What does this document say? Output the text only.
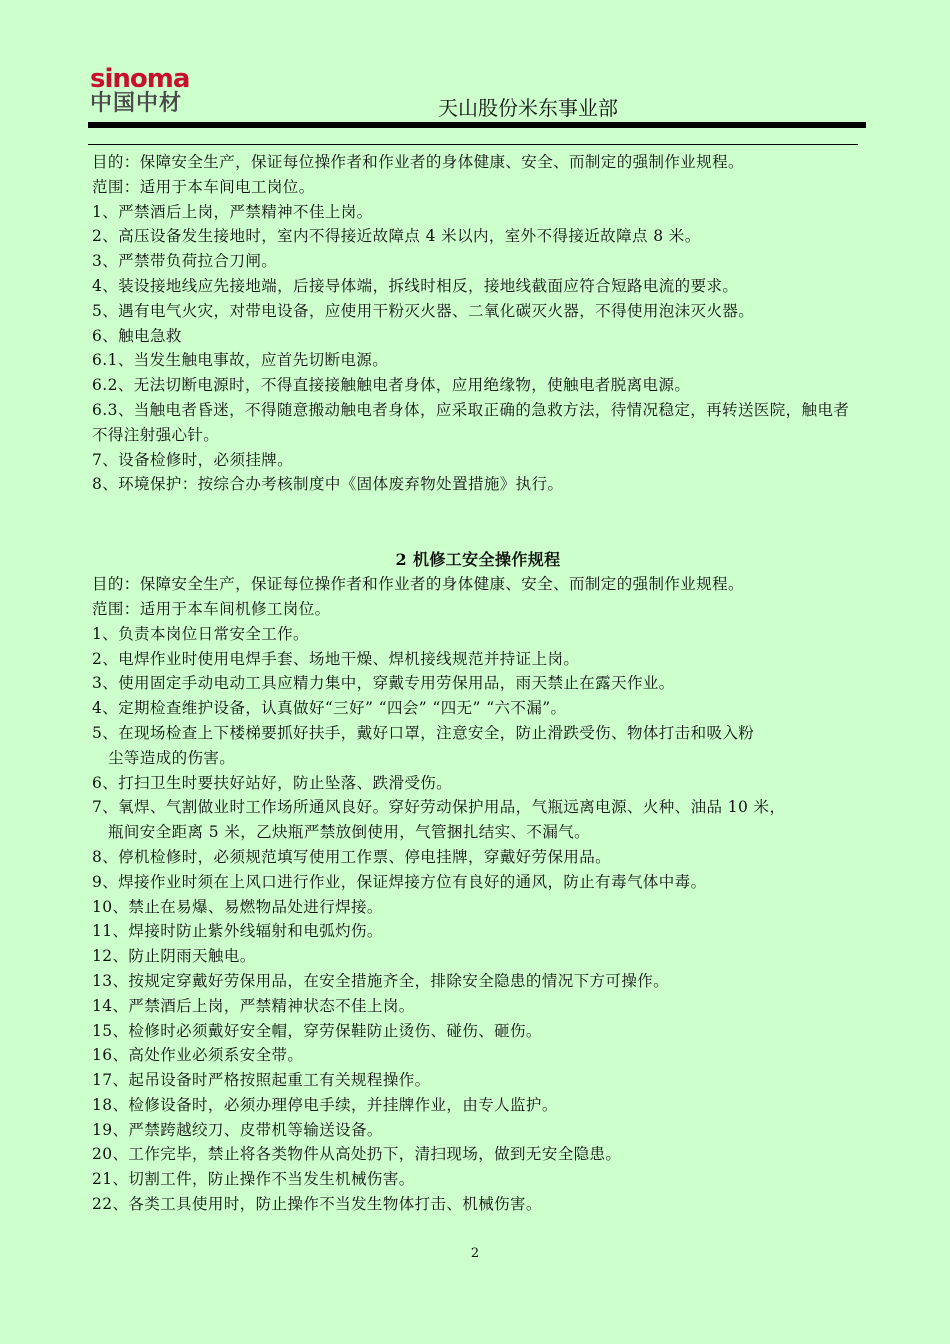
sinoma
中国中材	天山股份米东事业部

目的：保障安全生产，保证每位操作者和作业者的身体健康、安全、而制定的强制作业规程。

范围：适用于本车间电工岗位。

1、严禁酒后上岗，严禁精神不佳上岗。

2、高压设备发生接地时，室内不得接近故障点 4 米以内，室外不得接近故障点 8 米。

3、严禁带负荷拉合刀闸。

4、装设接地线应先接地端，后接导体端，拆线时相反，接地线截面应符合短路电流的要求。

5、遇有电气火灾，对带电设备，应使用干粉灭火器、二氧化碳灭火器，不得使用泡沫灭火器。

6、触电急救

6.1、当发生触电事故，应首先切断电源。

6.2、无法切断电源时，不得直接接触触电者身体，应用绝缘物，使触电者脱离电源。

6.3、当触电者昏迷，不得随意搬动触电者身体，应采取正确的急救方法，待情况稳定，再转送医院，触电者不得注射强心针。

7、设备检修时，必须挂牌。

8、环境保护：按综合办考核制度中《固体废弃物处置措施》执行。

2 机修工安全操作规程

目的：保障安全生产，保证每位操作者和作业者的身体健康、安全、而制定的强制作业规程。

范围：适用于本车间机修工岗位。

1、负责本岗位日常安全工作。

2、电焊作业时使用电焊手套、场地干燥、焊机接线规范并持证上岗。

3、使用固定手动电动工具应精力集中，穿戴专用劳保用品，雨天禁止在露天作业。

4、定期检查维护设备，认真做好“三好” “四会” “四无” “六不漏”。

5、在现场检查上下楼梯要抓好扶手，戴好口罩，注意安全，防止滑跌受伤、物体打击和吸入粉

尘等造成的伤害。

6、打扫卫生时要扶好站好，防止坠落、跌滑受伤。

7、氧焊、气割做业时工作场所通风良好。穿好劳动保护用品，气瓶远离电源、火种、油品 10 米，

瓶间安全距离 5 米，乙炔瓶严禁放倒使用，气管捆扎结实、不漏气。

8、停机检修时，必须规范填写使用工作票、停电挂牌，穿戴好劳保用品。

9、焊接作业时须在上风口进行作业，保证焊接方位有良好的通风，防止有毒气体中毒。

10、禁止在易爆、易燃物品处进行焊接。

11、焊接时防止紫外线辐射和电弧灼伤。

12、防止阴雨天触电。

13、按规定穿戴好劳保用品，在安全措施齐全，排除安全隐患的情况下方可操作。

14、严禁酒后上岗，严禁精神状态不佳上岗。

15、检修时必须戴好安全帽，穿劳保鞋防止烫伤、碰伤、砸伤。

16、高处作业必须系安全带。

17、起吊设备时严格按照起重工有关规程操作。

18、检修设备时，必须办理停电手续，并挂牌作业，由专人监护。

19、严禁跨越绞刀、皮带机等输送设备。

20、工作完毕，禁止将各类物件从高处扔下，清扫现场，做到无安全隐患。

21、切割工件，防止操作不当发生机械伤害。

22、各类工具使用时，防止操作不当发生物体打击、机械伤害。

2
